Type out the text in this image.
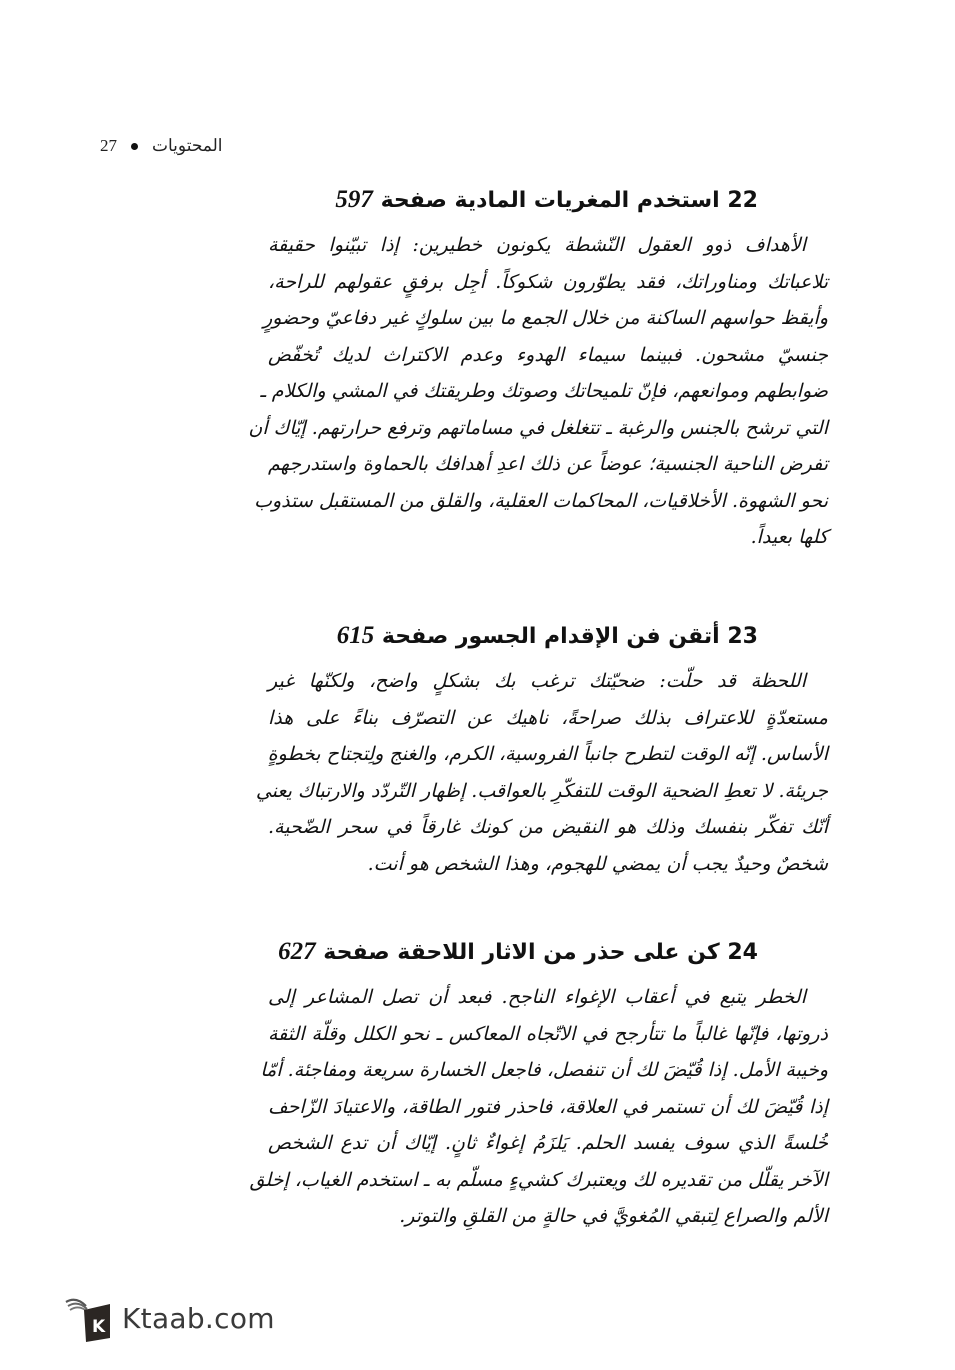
27 المحتويات
22 استخدم المغريات المادية صفحة 597

الأهداف ذوو العقول النّشطة يكونون خطيرين: إذا تبيّنوا حقيقة
تلاعباتك ومناوراتك، فقد يطوّرون شكوكاً. أجِل برفقٍ عقولهم للراحة،
وأيقظ حواسهم الساكنة من خلال الجمع ما بين سلوكٍ غير دفاعيّ وحضورٍ
جنسيّ مشحون. فبينما سيماء الهدوء وعدم الاكتراث لديك تُخفّض
ضوابطهم وموانعهم، فإنّ تلميحاتك وصوتك وطريقتك في المشي والكلام ـ
التي ترشح بالجنس والرغبة ـ تتغلغل في مساماتهم وترفع حرارتهم. إيّاك أن
تفرض الناحية الجنسية؛ عوضاً عن ذلك اعدِ أهدافك بالحماوة واستدرجهم
نحو الشهوة. الأخلاقيات، المحاكمات العقلية، والقلق من المستقبل ستذوب
كلها بعيداً.

23 أتقن فن الإقدام الجسور صفحة 615

اللحظة قد حلّت: ضحيّتك ترغب بك بشكلٍ واضح، ولكنّها غير
مستعدّةٍ للاعتراف بذلك صراحةً، ناهيك عن التصرّف بناءً على هذا
الأساس. إنّه الوقت لتطرح جانباً الفروسية، الكرم، والغنج ولِتجتاح بخطوةٍ
جريئة. لا تعطِ الضحية الوقت للتفكّرِ بالعواقب. إظهار التّردّد والارتباك يعني
أنّك تفكّر بنفسك وذلك هو النقيض من كونك غارقاً في سحر الضّحية.
شخصٌ وحيدٌ يجب أن يمضي للهجوم، وهذا الشخص هو أنت.

24 كن على حذر من الاثار اللاحقة صفحة 627

الخطر يتبع في أعقاب الإغواء الناجح. فبعد أن تصل المشاعر إلى
ذروتها، فإنّها غالباً ما تتأرجح في الاتّجاه المعاكس ـ نحو الكلل وقلّة الثقة
وخيبة الأمل. إذا قُيّضَ لك أن تنفصل، فاجعل الخسارة سريعة ومفاجئة. أمّا
إذا قُيّضَ لك أن تستمر في العلاقة، فاحذر فتور الطاقة، والاعتيادَ الزّاحف
خُلسةً الذي سوف يفسد الحلم. يَلزَمُ إغواءٌ ثانٍ. إيّاك أن تدع الشخص
الآخر يقلّل من تقديره لك ويعتبرك كشيءٍ مسلّم به ـ استخدم الغياب، إخلق
الألم والصراع لِتبقي المُغويَّ في حالةٍ من القلقِ والتوتر.

K Ktaab.com
